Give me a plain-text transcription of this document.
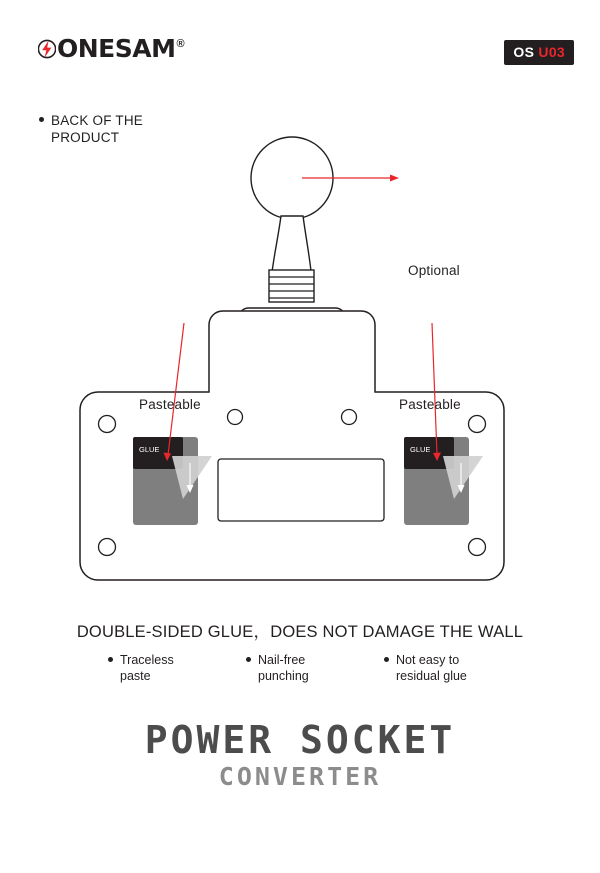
ONESAM ®	OS U03
BACK OF THE PRODUCT
GLUE	GLUE
Optional
Pasteable	Pasteable
DOUBLE-SIDED GLUE，DOES NOT DAMAGE THE WALL
Traceless
paste
Nail-free
punching
Not easy to
residual glue
POWER SOCKET
CONVERTER
